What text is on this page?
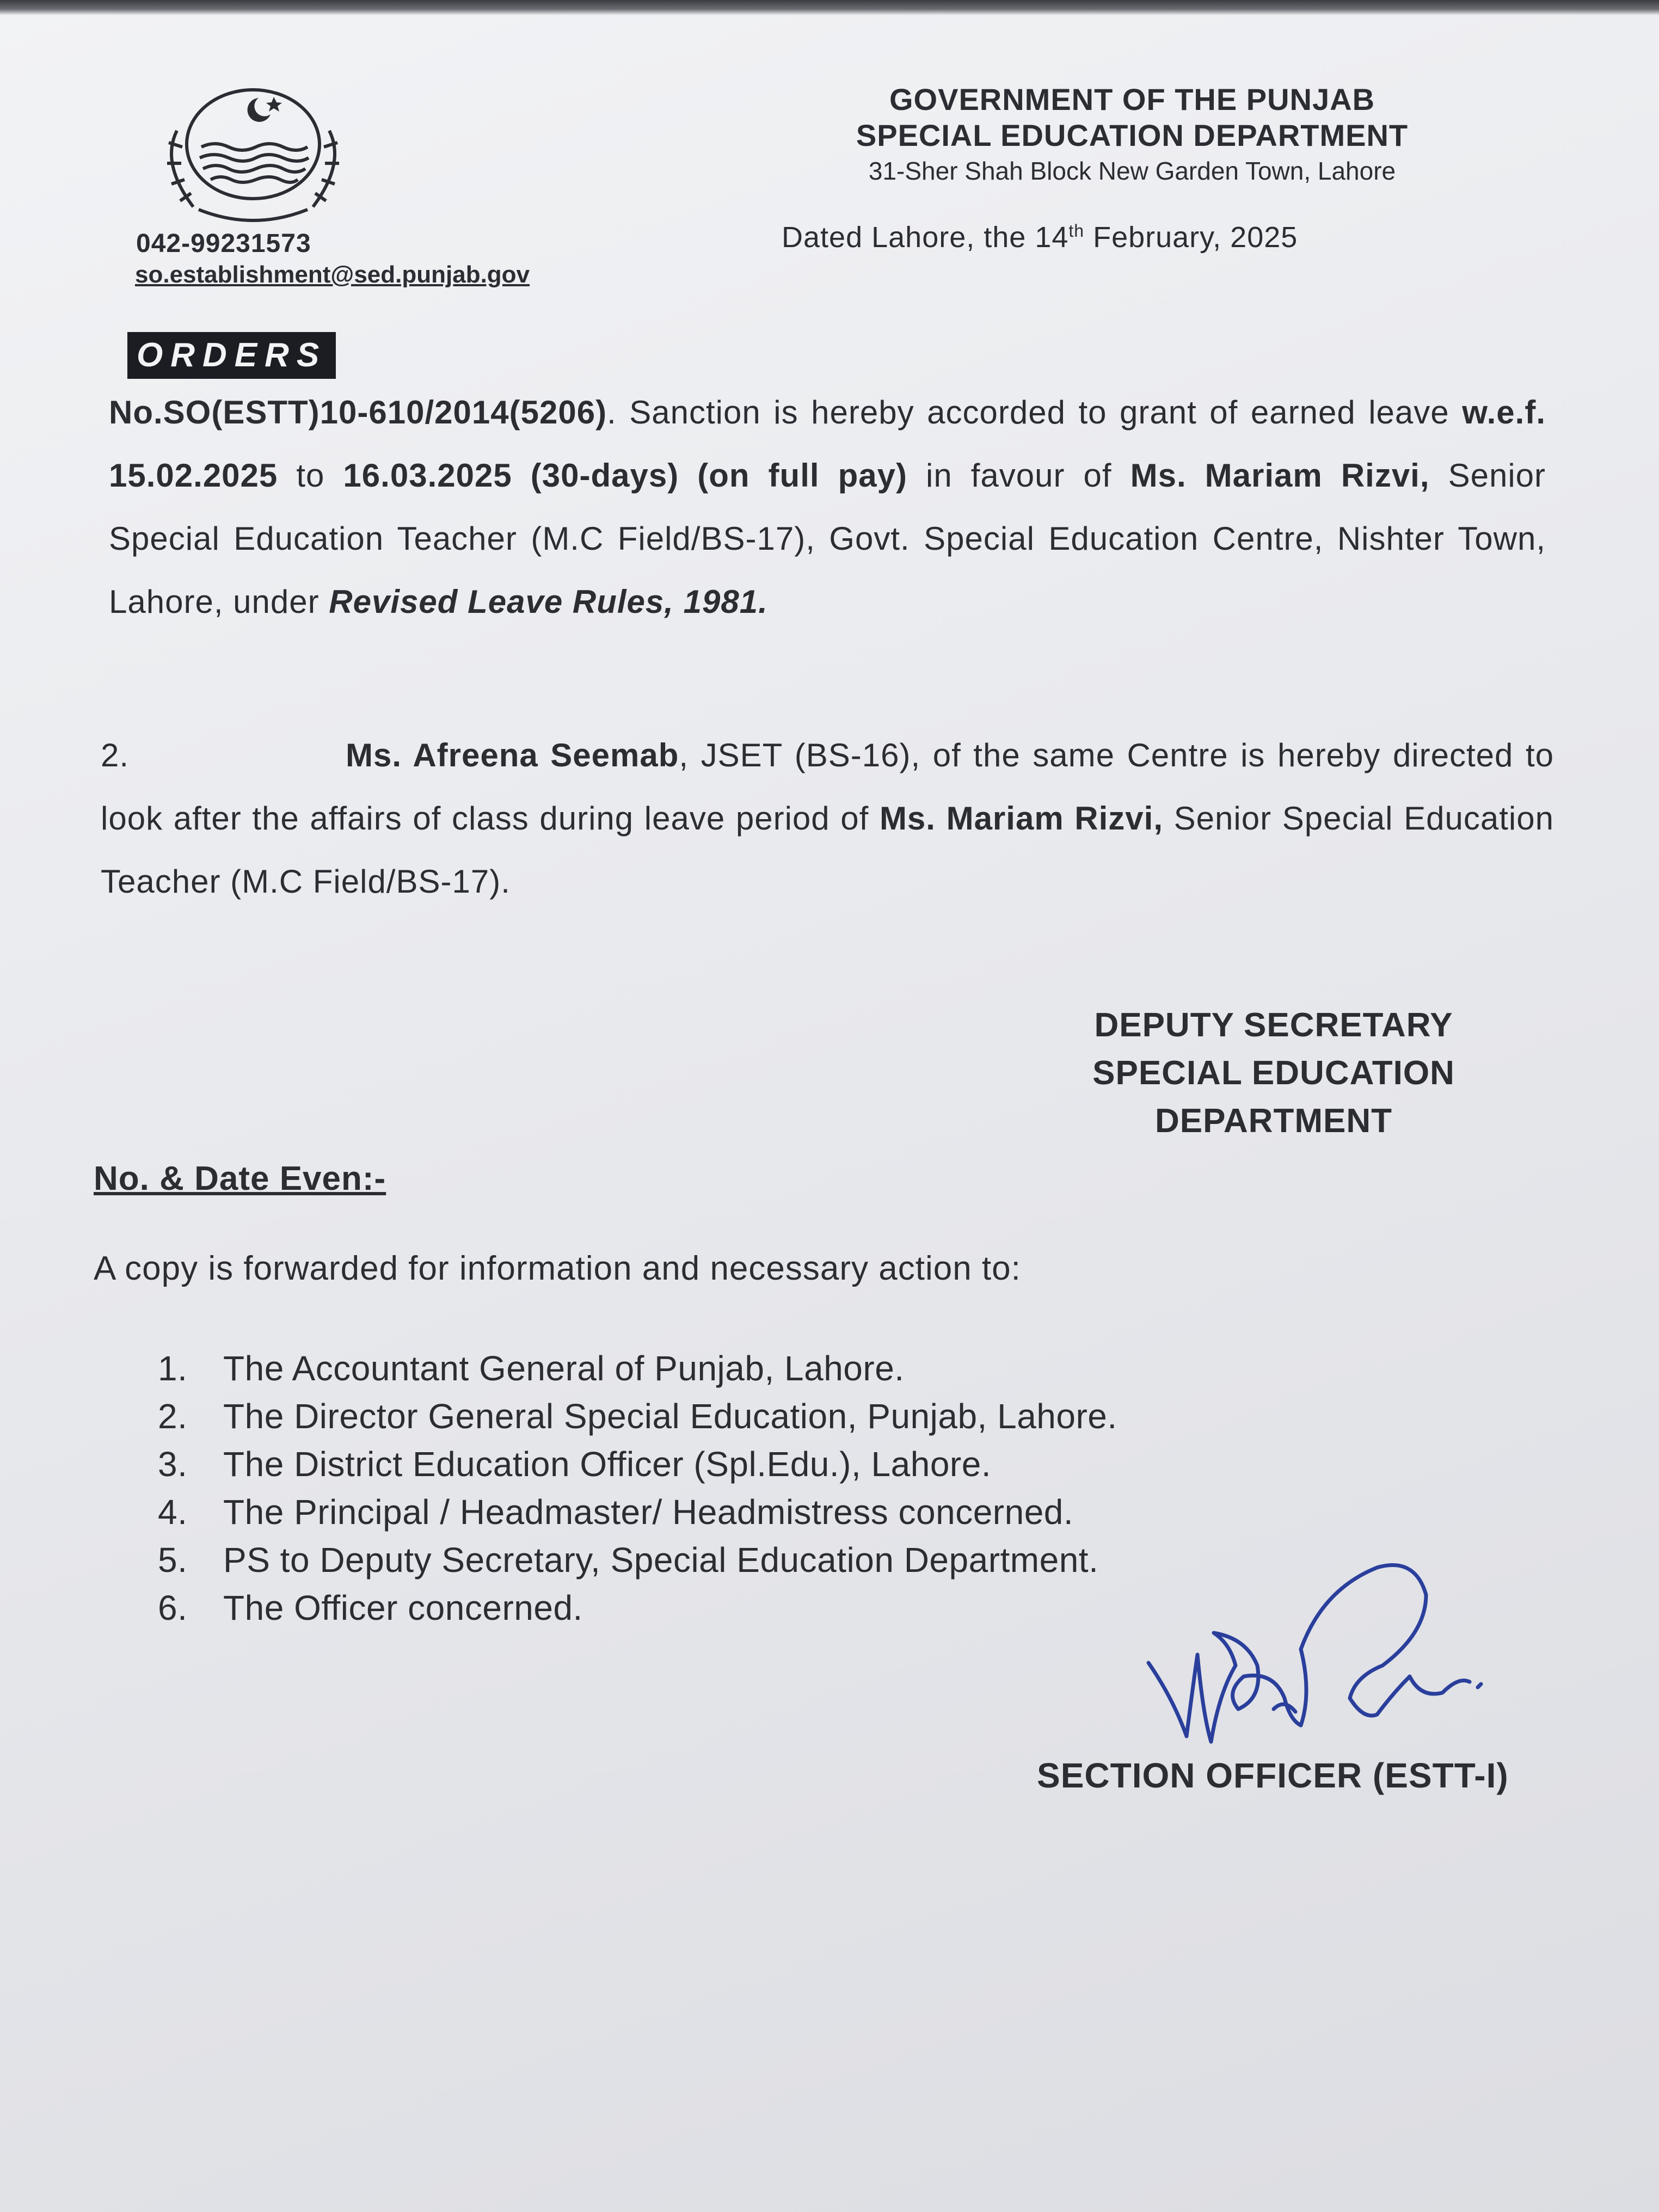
042-99231573
so.establishment@sed.punjab.gov
GOVERNMENT OF THE PUNJAB
SPECIAL EDUCATION DEPARTMENT
31-Sher Shah Block New Garden Town, Lahore
Dated Lahore, the 14th February, 2025
ORDERS
No.SO(ESTT)10-610/2014(5206). Sanction is hereby accorded to grant of earned leave w.e.f. 15.02.2025 to 16.03.2025 (30-days) (on full pay) in favour of Ms. Mariam Rizvi, Senior Special Education Teacher (M.C Field/BS-17), Govt. Special Education Centre, Nishter Town, Lahore, under Revised Leave Rules, 1981.
2.	Ms. Afreena Seemab, JSET (BS-16), of the same Centre is hereby directed to look after the affairs of class during leave period of Ms. Mariam Rizvi, Senior Special Education Teacher (M.C Field/BS-17).
DEPUTY SECRETARY
SPECIAL EDUCATION
DEPARTMENT
No. & Date Even:-
A copy is forwarded for information and necessary action to:
1.	The Accountant General of Punjab, Lahore.
2.	The Director General Special Education, Punjab, Lahore.
3.	The District Education Officer (Spl.Edu.), Lahore.
4.	The Principal / Headmaster/ Headmistress concerned.
5.	PS to Deputy Secretary, Special Education Department.
6.	The Officer concerned.
SECTION OFFICER (ESTT-I)
